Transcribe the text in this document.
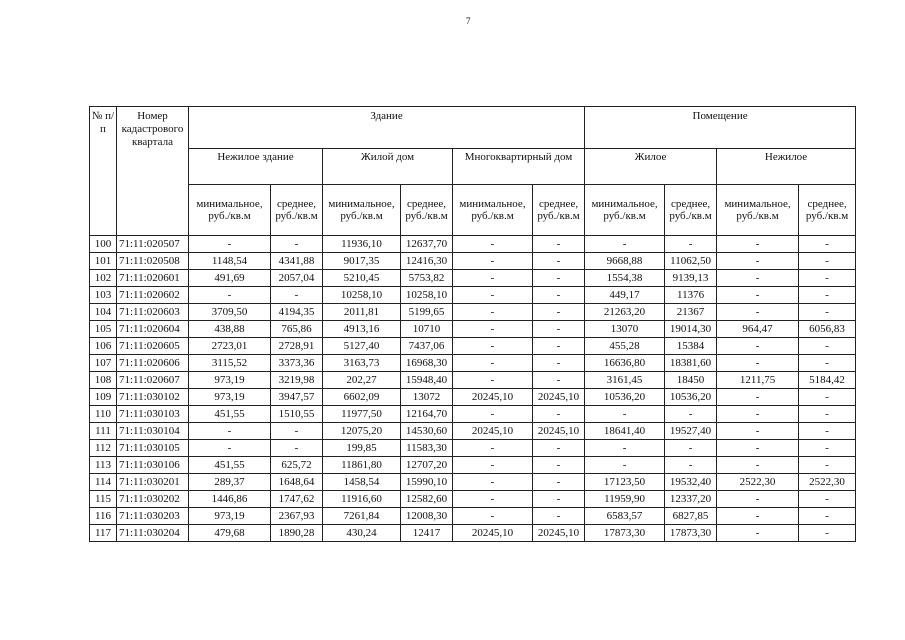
7
№ п/п	Номер кадастрового квартала	Здание						Помещение			
		Нежилое здание		Жилой дом		Многоквартирный дом		Жилое		Нежилое	
		минимальное, руб./кв.м	среднее, руб./кв.м	минимальное, руб./кв.м	среднее, руб./кв.м	минимальное, руб./кв.м	среднее, руб./кв.м	минимальное, руб./кв.м	среднее, руб./кв.м	минимальное, руб./кв.м	среднее, руб./кв.м
100	71:11:020507	-	-	11936,10	12637,70	-	-	-	-	-	-
101	71:11:020508	1148,54	4341,88	9017,35	12416,30	-	-	9668,88	11062,50	-	-
102	71:11:020601	491,69	2057,04	5210,45	5753,82	-	-	1554,38	9139,13	-	-
103	71:11:020602	-	-	10258,10	10258,10	-	-	449,17	11376	-	-
104	71:11:020603	3709,50	4194,35	2011,81	5199,65	-	-	21263,20	21367	-	-
105	71:11:020604	438,88	765,86	4913,16	10710	-	-	13070	19014,30	964,47	6056,83
106	71:11:020605	2723,01	2728,91	5127,40	7437,06	-	-	455,28	15384	-	-
107	71:11:020606	3115,52	3373,36	3163,73	16968,30	-	-	16636,80	18381,60	-	-
108	71:11:020607	973,19	3219,98	202,27	15948,40	-	-	3161,45	18450	1211,75	5184,42
109	71:11:030102	973,19	3947,57	6602,09	13072	20245,10	20245,10	10536,20	10536,20	-	-
110	71:11:030103	451,55	1510,55	11977,50	12164,70	-	-	-	-	-	-
111	71:11:030104	-	-	12075,20	14530,60	20245,10	20245,10	18641,40	19527,40	-	-
112	71:11:030105	-	-	199,85	11583,30	-	-	-	-	-	-
113	71:11:030106	451,55	625,72	11861,80	12707,20	-	-	-	-	-	-
114	71:11:030201	289,37	1648,64	1458,54	15990,10	-	-	17123,50	19532,40	2522,30	2522,30
115	71:11:030202	1446,86	1747,62	11916,60	12582,60	-	-	11959,90	12337,20	-	-
116	71:11:030203	973,19	2367,93	7261,84	12008,30	-	-	6583,57	6827,85	-	-
117	71:11:030204	479,68	1890,28	430,24	12417	20245,10	20245,10	17873,30	17873,30	-	-
